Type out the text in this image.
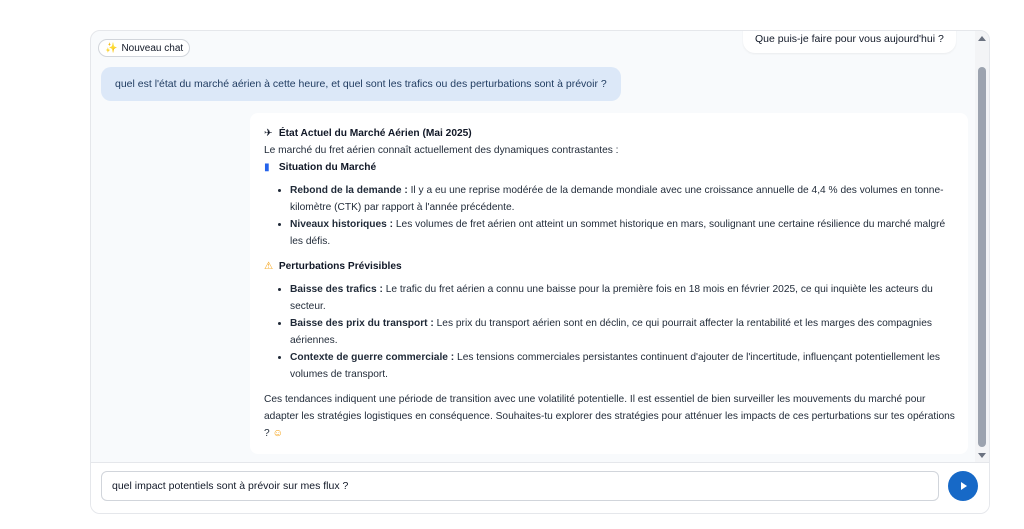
✨ Nouveau chat
Que puis-je faire pour vous aujourd'hui ?
quel est l'état du marché aérien à cette heure, et quel sont les trafics ou des perturbations sont à prévoir ?

✈ État Actuel du Marché Aérien (Mai 2025)

Le marché du fret aérien connaît actuellement des dynamiques contrastantes :

▮ Situation du Marché

• Rebond de la demande : Il y a eu une reprise modérée de la demande mondiale avec une croissance annuelle de 4,4 % des volumes en tonne-kilomètre (CTK) par rapport à l'année précédente.
• Niveaux historiques : Les volumes de fret aérien ont atteint un sommet historique en mars, soulignant une certaine résilience du marché malgré les défis.

⚠ Perturbations Prévisibles

• Baisse des trafics : Le trafic du fret aérien a connu une baisse pour la première fois en 18 mois en février 2025, ce qui inquiète les acteurs du secteur.
• Baisse des prix du transport : Les prix du transport aérien sont en déclin, ce qui pourrait affecter la rentabilité et les marges des compagnies aériennes.
• Contexte de guerre commerciale : Les tensions commerciales persistantes continuent d'ajouter de l'incertitude, influençant potentiellement les volumes de transport.

Ces tendances indiquent une période de transition avec une volatilité potentielle. Il est essentiel de bien surveiller les mouvements du marché pour adapter les stratégies logistiques en conséquence. Souhaites-tu explorer des stratégies pour atténuer les impacts de ces perturbations sur tes opérations ? ☺

quel impact potentiels sont à prévoir sur mes flux ?
